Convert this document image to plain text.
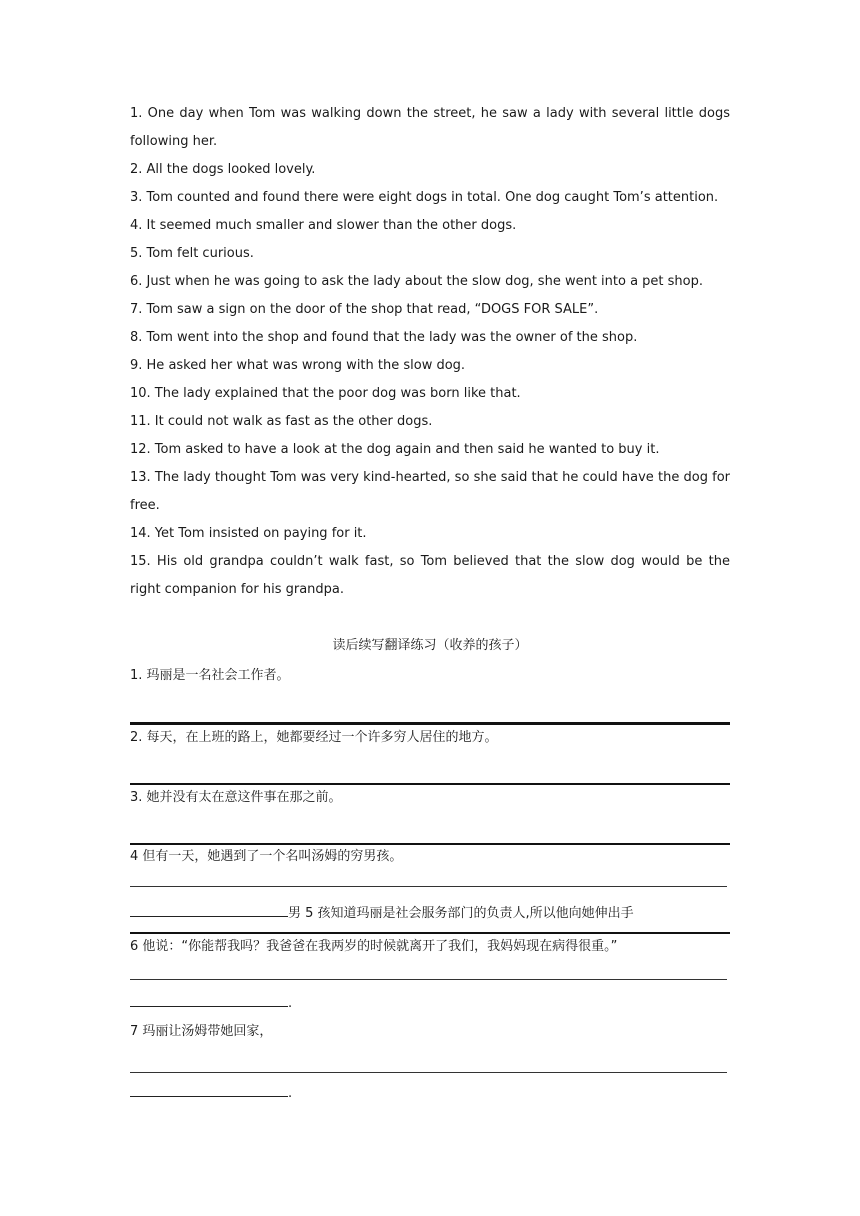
1. One day when Tom was walking down the street, he saw a lady with several little dogs following her.

2. All the dogs looked lovely.

3. Tom counted and found there were eight dogs in total. One dog caught Tom’s attention.

4. It seemed much smaller and slower than the other dogs.

5. Tom felt curious.

6. Just when he was going to ask the lady about the slow dog, she went into a pet shop.

7. Tom saw a sign on the door of the shop that read, “DOGS FOR SALE”.

8. Tom went into the shop and found that the lady was the owner of the shop.

9. He asked her what was wrong with the slow dog.

10. The lady explained that the poor dog was born like that.

11. It could not walk as fast as the other dogs.

12. Tom asked to have a look at the dog again and then said he wanted to buy it.

13. The lady thought Tom was very kind-hearted, so she said that he could have the dog for free.

14. Yet Tom insisted on paying for it.

15. His old grandpa couldn’t walk fast, so Tom believed that the slow dog would be the right companion for his grandpa.

读后续写翻译练习（收养的孩子）

1. 玛丽是一名社会工作者。

2. 每天，在上班的路上，她都要经过一个许多穷人居住的地方。

3. 她并没有太在意这件事在那之前。

4 但有一天，她遇到了一个名叫汤姆的穷男孩。

男 5 孩知道玛丽是社会服务部门的负责人,所以他向她伸出手

6 他说：“你能帮我吗？我爸爸在我两岁的时候就离开了我们，我妈妈现在病得很重。”

.

7 玛丽让汤姆带她回家，

.
